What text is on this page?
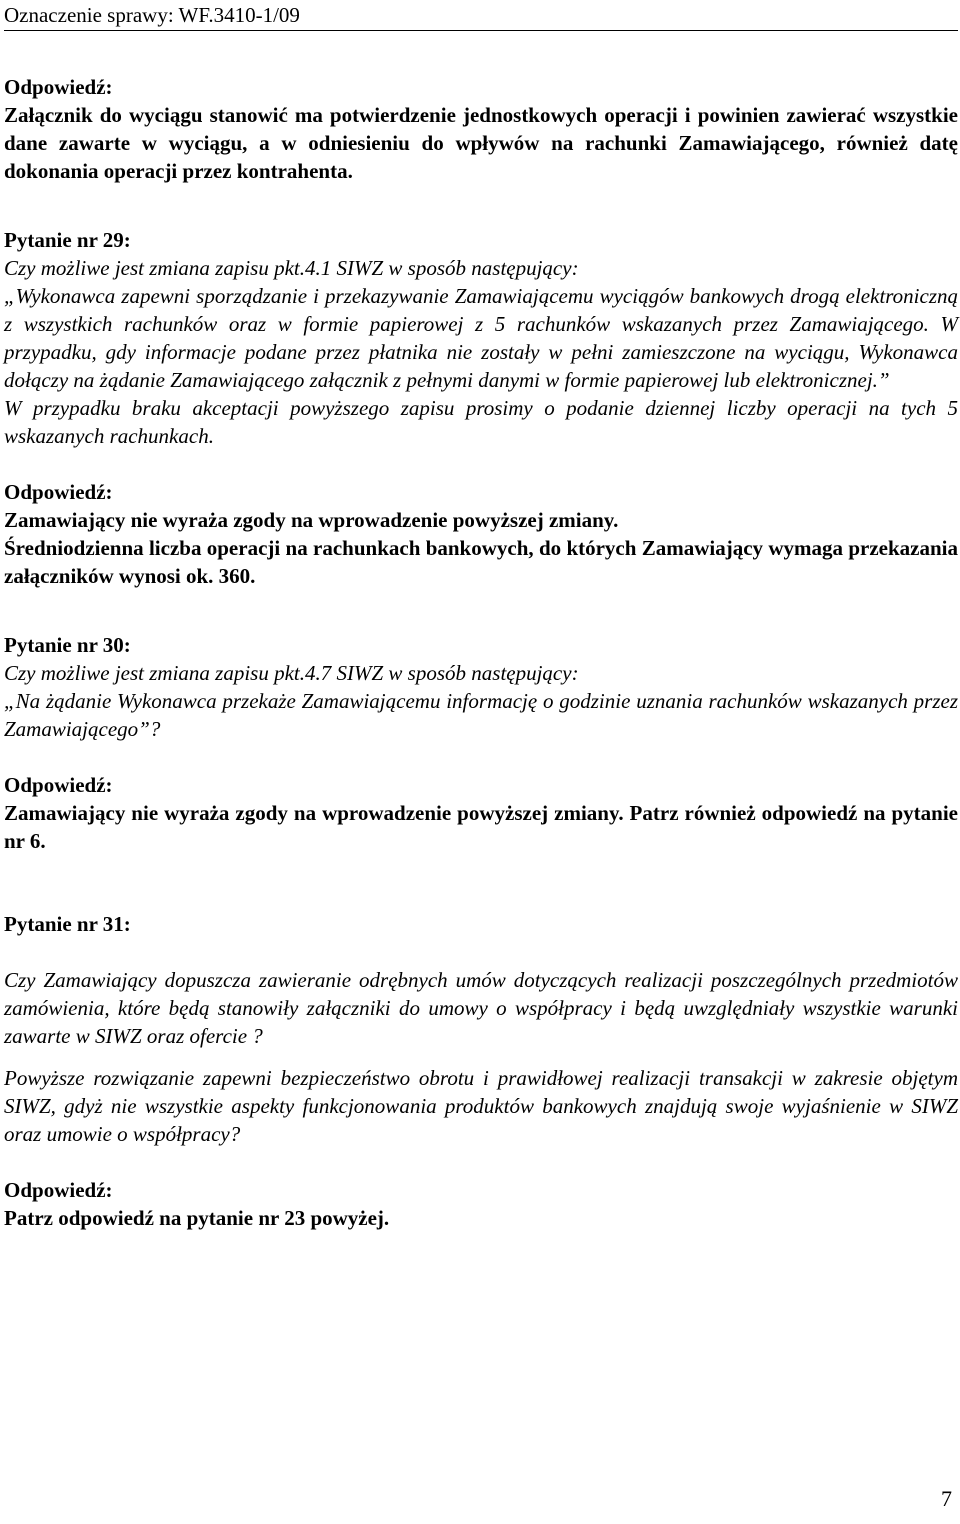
Oznaczenie sprawy: WF.3410-1/09

Odpowiedź:

Załącznik do wyciągu stanowić ma potwierdzenie jednostkowych operacji i powinien zawierać wszystkie dane zawarte w wyciągu, a w odniesieniu do wpływów na rachunki Zamawiającego, również datę dokonania operacji przez kontrahenta.

Pytanie nr 29:

Czy możliwe jest zmiana zapisu pkt.4.1 SIWZ w sposób następujący:

„Wykonawca zapewni sporządzanie i przekazywanie Zamawiającemu wyciągów bankowych drogą elektroniczną z wszystkich rachunków oraz w formie papierowej z 5 rachunków wskazanych przez Zamawiającego. W przypadku, gdy informacje podane przez płatnika nie zostały w pełni zamieszczone na wyciągu, Wykonawca dołączy na żądanie Zamawiającego załącznik z pełnymi danymi w formie papierowej lub elektronicznej.”

W przypadku braku akceptacji powyższego zapisu prosimy o podanie dziennej liczby operacji na tych 5 wskazanych rachunkach.

Odpowiedź:

Zamawiający nie wyraża zgody na wprowadzenie powyższej zmiany.

Średniodzienna liczba operacji na rachunkach bankowych, do których Zamawiający wymaga przekazania załączników wynosi ok. 360.

Pytanie nr 30:

Czy możliwe jest zmiana zapisu pkt.4.7 SIWZ w sposób następujący:

„Na żądanie Wykonawca przekaże Zamawiającemu informację o godzinie uznania rachunków wskazanych przez Zamawiającego”?

Odpowiedź:

Zamawiający nie wyraża zgody na wprowadzenie powyższej zmiany. Patrz również odpowiedź na pytanie nr 6.

Pytanie nr 31:

Czy Zamawiający dopuszcza zawieranie odrębnych umów dotyczących realizacji poszczególnych przedmiotów zamówienia, które będą stanowiły załączniki do umowy o współpracy i będą uwzględniały wszystkie warunki zawarte w SIWZ oraz ofercie ?

Powyższe rozwiązanie zapewni bezpieczeństwo obrotu i prawidłowej realizacji transakcji w zakresie objętym SIWZ, gdyż nie wszystkie aspekty funkcjonowania produktów bankowych znajdują swoje wyjaśnienie w SIWZ oraz umowie o współpracy?

Odpowiedź:

Patrz odpowiedź na pytanie nr 23 powyżej.

7
